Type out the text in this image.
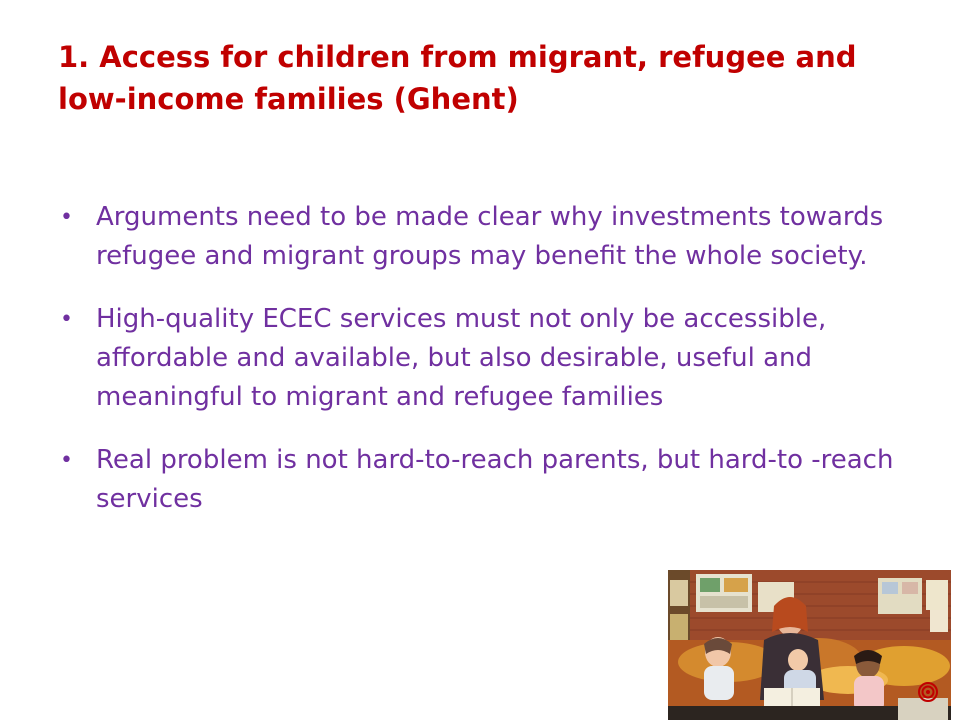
1. Access for children from migrant, refugee and low-income families (Ghent)
• Arguments need to be made clear why investments towards refugee and migrant groups may benefit the whole society.
• High-quality ECEC services must not only be accessible, affordable and available, but also desirable, useful and meaningful to migrant and refugee families
• Real problem is not hard-to-reach parents, but hard-to -reach services
